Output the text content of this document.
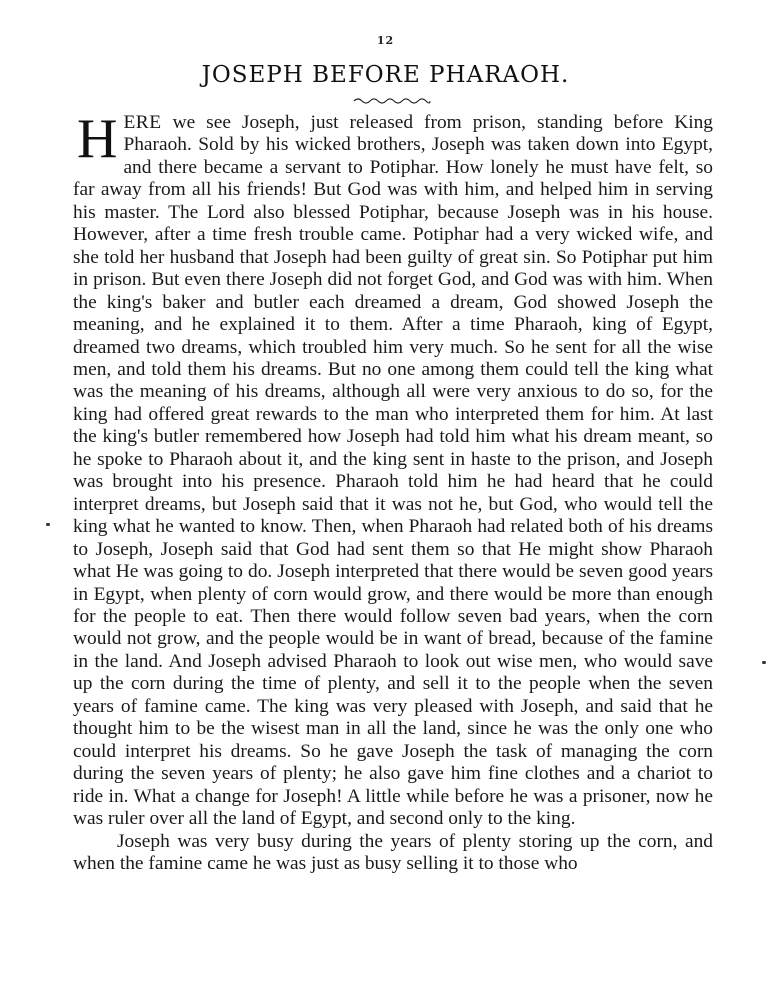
12
JOSEPH BEFORE PHARAOH.

HERE we see Joseph, just released from prison, standing before King Pharaoh. Sold by his wicked brothers, Joseph was taken down into Egypt, and there became a servant to Potiphar. How lonely he must have felt, so far away from all his friends! But God was with him, and helped him in serving his master. The Lord also blessed Potiphar, because Joseph was in his house. However, after a time fresh trouble came. Potiphar had a very wicked wife, and she told her husband that Joseph had been guilty of great sin. So Potiphar put him in prison. But even there Joseph did not forget God, and God was with him. When the king's baker and butler each dreamed a dream, God showed Joseph the meaning, and he explained it to them. After a time Pharaoh, king of Egypt, dreamed two dreams, which troubled him very much. So he sent for all the wise men, and told them his dreams. But no one among them could tell the king what was the meaning of his dreams, although all were very anxious to do so, for the king had offered great rewards to the man who interpreted them for him. At last the king's butler remembered how Joseph had told him what his dream meant, so he spoke to Pharaoh about it, and the king sent in haste to the prison, and Joseph was brought into his presence. Pharaoh told him he had heard that he could interpret dreams, but Joseph said that it was not he, but God, who would tell the king what he wanted to know. Then, when Pharaoh had related both of his dreams to Joseph, Joseph said that God had sent them so that He might show Pharaoh what He was going to do. Joseph interpreted that there would be seven good years in Egypt, when plenty of corn would grow, and there would be more than enough for the people to eat. Then there would follow seven bad years, when the corn would not grow, and the people would be in want of bread, because of the famine in the land. And Joseph advised Pharaoh to look out wise men, who would save up the corn during the time of plenty, and sell it to the people when the seven years of famine came. The king was very pleased with Joseph, and said that he thought him to be the wisest man in all the land, since he was the only one who could interpret his dreams. So he gave Joseph the task of managing the corn during the seven years of plenty; he also gave him fine clothes and a chariot to ride in. What a change for Joseph! A little while before he was a prisoner, now he was ruler over all the land of Egypt, and second only to the king.

Joseph was very busy during the years of plenty storing up the corn, and when the famine came he was just as busy selling it to those who
